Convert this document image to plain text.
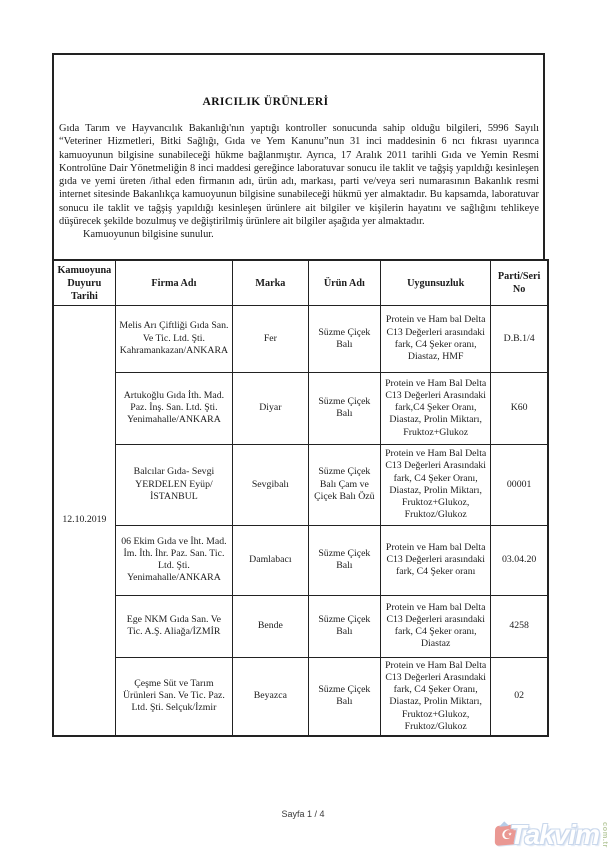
ARICILIK ÜRÜNLERİ

Gıda Tarım ve Hayvancılık Bakanlığı'nın yaptığı kontroller sonucunda sahip olduğu bilgileri, 5996 Sayılı “Veteriner Hizmetleri, Bitki Sağlığı, Gıda ve Yem Kanunu”nun 31 inci maddesinin 6 ncı fıkrası uyarınca kamuoyunun bilgisine sunabileceği hükme bağlanmıştır. Ayrıca, 17 Aralık 2011 tarihli Gıda ve Yemin Resmi Kontrolüne Dair Yönetmeliğin 8 inci maddesi gereğince laboratuvar sonucu ile taklit ve tağşiş yapıldığı kesinleşen gıda ve yemi üreten /ithal eden firmanın adı, ürün adı, markası, parti ve/veya seri numarasının Bakanlık resmi internet sitesinde Bakanlıkça kamuoyunun bilgisine sunabileceği hükmü yer almaktadır. Bu kapsamda, laboratuvar sonucu ile taklit ve tağşiş yapıldığı kesinleşen ürünlere ait bilgiler ve kişilerin hayatını ve sağlığını tehlikeye düşürecek şekilde bozulmuş ve değiştirilmiş ürünlere ait bilgiler aşağıda yer almaktadır.

Kamuoyunun bilgisine sunulur.

Kamuoyuna Duyuru Tarihi	Firma Adı	Marka	Ürün Adı	Uygunsuzluk	Parti/Seri No
12.10.2019	Melis Arı Çiftliği Gıda San. Ve Tic. Ltd. Şti. Kahramankazan/ANKARA	Fer	Süzme Çiçek Balı	Protein ve Ham bal Delta C13 Değerleri arasındaki fark, C4 Şeker oranı, Diastaz, HMF	D.B.1/4
	Artukoğlu Gıda İth. Mad. Paz. İnş. San. Ltd. Şti. Yenimahalle/ANKARA	Diyar	Süzme Çiçek Balı	Protein ve Ham Bal Delta C13 Değerleri Arasındaki fark,C4 Şeker Oranı, Diastaz, Prolin Miktarı, Fruktoz+Glukoz	K60
	Balcılar Gıda- Sevgi YERDELEN Eyüp/İSTANBUL	Sevgibalı	Süzme Çiçek Balı Çam ve Çiçek Balı Özü	Protein ve Ham Bal Delta C13 Değerleri Arasındaki fark, C4 Şeker Oranı, Diastaz, Prolin Miktarı, Fruktoz+Glukoz, Fruktoz/Glukoz	00001
	06 Ekim Gıda ve İht. Mad. İm. İth. İhr. Paz. San. Tic. Ltd. Şti. Yenimahalle/ANKARA	Damlabacı	Süzme Çiçek Balı	Protein ve Ham bal Delta C13 Değerleri arasındaki fark, C4 Şeker oranı	03.04.20
	Ege NKM Gıda San. Ve Tic. A.Ş. Aliağa/İZMİR	Bende	Süzme Çiçek Balı	Protein ve Ham bal Delta C13 Değerleri arasındaki fark, C4 Şeker oranı, Diastaz	4258
	Çeşme Süt ve Tarım Ürünleri San. Ve Tic. Paz. Ltd. Şti. Selçuk/İzmir	Beyazca	Süzme Çiçek Balı	Protein ve Ham Bal Delta C13 Değerleri Arasındaki fark, C4 Şeker Oranı, Diastaz, Prolin Miktarı, Fruktoz+Glukoz, Fruktoz/Glukoz	02
Sayfa 1 / 4
☪
Takvim com.tr
